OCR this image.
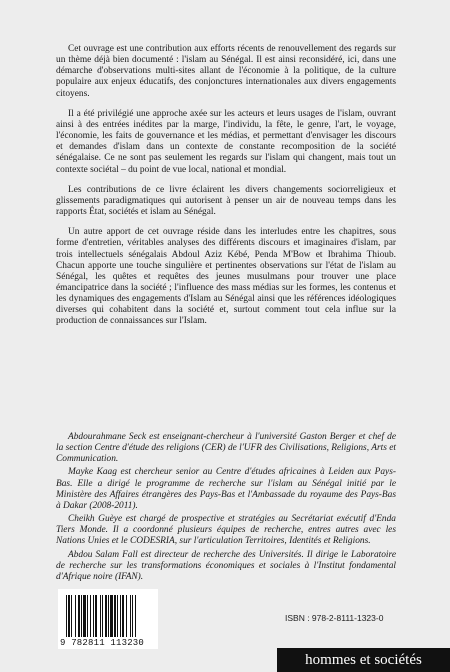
Cet ouvrage est une contribution aux efforts récents de renouvellement des regards sur un thème déjà bien documenté : l'islam au Sénégal. Il est ainsi reconsidéré, ici, dans une démarche d'observations multi-sites allant de l'économie à la politique, de la culture populaire aux enjeux éducatifs, des conjonctures internationales aux divers engagements citoyens.

Il a été privilégié une approche axée sur les acteurs et leurs usages de l'islam, ouvrant ainsi à des entrées inédites par la marge, l'individu, la fête, le genre, l'art, le voyage, l'économie, les faits de gouvernance et les médias, et permettant d'envisager les discours et demandes d'islam dans un contexte de constante recomposition de la société sénégalaise. Ce ne sont pas seulement les regards sur l'islam qui changent, mais tout un contexte sociétal – du point de vue local, national et mondial.

Les contributions de ce livre éclairent les divers changements sociorreligieux et glissements paradigmatiques qui autorisent à penser un air de nouveau temps dans les rapports État, sociétés et islam au Sénégal.

Un autre apport de cet ouvrage réside dans les interludes entre les chapitres, sous forme d'entretien, véritables analyses des différents discours et imaginaires d'islam, par trois intellectuels sénégalais Abdoul Aziz Kébé, Penda M'Bow et Ibrahima Thioub. Chacun apporte une touche singulière et pertinentes observations sur l'état de l'islam au Sénégal, les quêtes et requêtes des jeunes musulmans pour trouver une place émancipatrice dans la société ; l'influence des mass médias sur les formes, les contenus et les dynamiques des engagements d'Islam au Sénégal ainsi que les références idéologiques diverses qui cohabitent dans la société et, surtout comment tout cela influe sur la production de connaissances sur l'Islam.

Abdourahmane Seck est enseignant-chercheur à l'université Gaston Berger et chef de la section Centre d'étude des religions (CER) de l'UFR des Civilisations, Religions, Arts et Communication.

Mayke Kaag est chercheur senior au Centre d'études africaines à Leiden aux Pays-Bas. Elle a dirigé le programme de recherche sur l'islam au Sénégal initié par le Ministère des Affaires étrangères des Pays-Bas et l'Ambassade du royaume des Pays-Bas à Dakar (2008-2011).

Cheikh Guèye est chargé de prospective et stratégies au Secrétariat exécutif d'Enda Tiers Monde. Il a coordonné plusieurs équipes de recherche, entres autres avec les Nations Unies et le CODESRIA, sur l'articulation Territoires, Identités et Religions.

Abdou Salam Fall est directeur de recherche des Universités. Il dirige le Laboratoire de recherche sur les transformations économiques et sociales à l'Institut fondamental d'Afrique noire (IFAN).

9 782811 113230
ISBN : 978-2-8111-1323-0
hommes et sociétés
